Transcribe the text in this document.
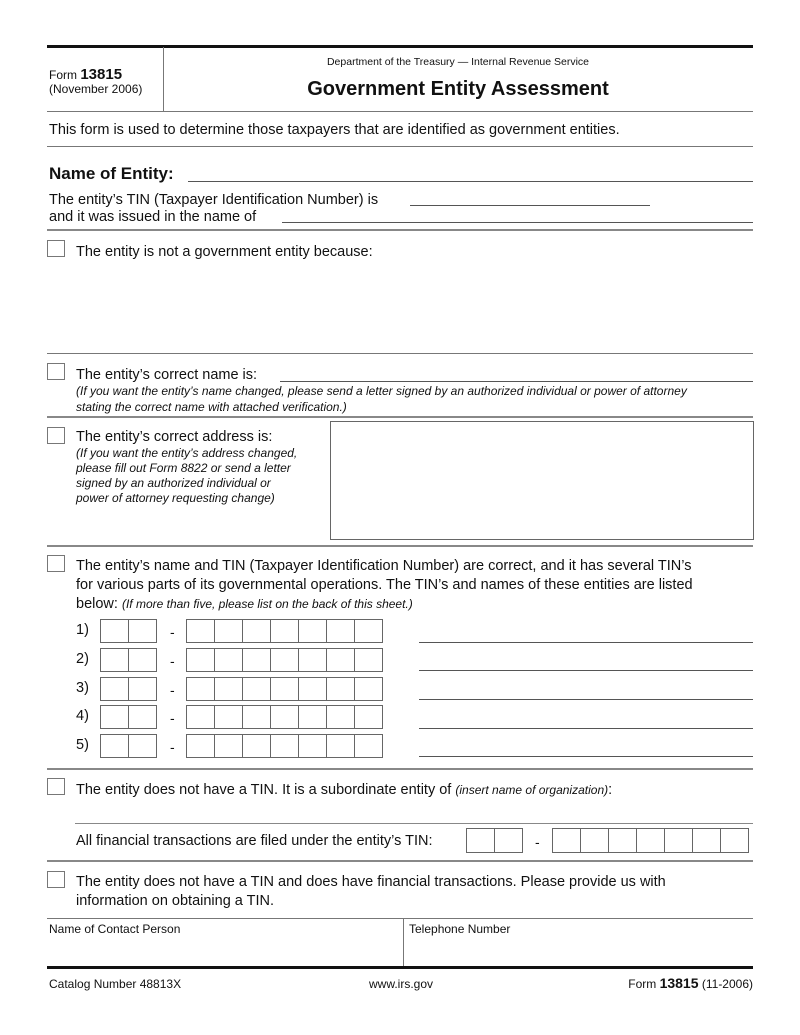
Form 13815
(November 2006)
Department of the Treasury — Internal Revenue Service
Government Entity Assessment
This form is used to determine those taxpayers that are identified as government entities.
Name of Entity:
The entity’s TIN (Taxpayer Identification Number) is
and it was issued in the name of
The entity is not a government entity because:
The entity’s correct name is:
(If you want the entity’s name changed, please send a letter signed by an authorized individual or power of attorney
stating the correct name with attached verification.)
The entity’s correct address is:
(If you want the entity’s address changed,
please fill out Form 8822 or send a letter
signed by an authorized individual or
power of attorney requesting change)
The entity’s name and TIN (Taxpayer Identification Number) are correct, and it has several TIN’s
for various parts of its governmental operations. The TIN’s and names of these entities are listed
below: (If more than five, please list on the back of this sheet.)
1)	-
2)	-
3)	-
4)	-
5)	-
The entity does not have a TIN. It is a subordinate entity of (insert name of organization):
All financial transactions are filed under the entity’s TIN:	-
The entity does not have a TIN and does have financial transactions. Please provide us with
information on obtaining a TIN.
Name of Contact Person	Telephone Number
Catalog Number 48813X	www.irs.gov	Form 13815 (11-2006)
